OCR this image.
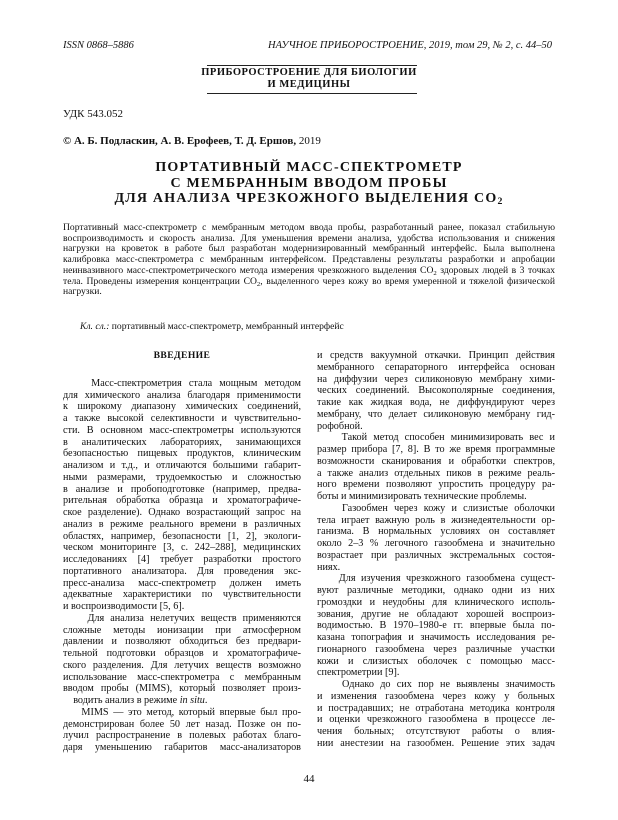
ISSN 0868–5886	НАУЧНОЕ ПРИБОРОСТРОЕНИЕ, 2019, том 29, № 2, с. 44–50
ПРИБОРОСТРОЕНИЕ ДЛЯ БИОЛОГИИ
И МЕДИЦИНЫ
УДК 543.052
© А. Б. Подласкин, А. В. Ерофеев, Т. Д. Ершов, 2019
ПОРТАТИВНЫЙ МАСС-СПЕКТРОМЕТР
С МЕМБРАННЫМ ВВОДОМ ПРОБЫ
ДЛЯ АНАЛИЗА ЧРЕЗКОЖНОГО ВЫДЕЛЕНИЯ $СО_2$
Портативный масс-спектрометр с мембранным методом ввода пробы, разработанный ранее, показал стабильную воспроизводимость и скорость анализа. Для уменьшения времени анализа, удобства использования и снижения нагрузки на кроветок в работе был разработан модернизированный мембранный интерфейс. Была выполнена калибровка масс-спектрометра с мембранным интерфейсом. Представлены результаты разработки и апробации неинвазивного масс-спектрометрического метода измерения чрезкожного выделения $СО_2$ здоровых людей в 3 точках тела. Проведены измерения концентрации $СО_2$, выделенного через кожу во время умеренной и тяжелой физической нагрузки.
Кл. сл.: портативный масс-спектрометр, мембранный интерфейс
ВВЕДЕНИЕ

Масс-спектрометрия стала мощным методом
для химического анализа благодаря применимости
к широкому диапазону химических соединений,
а также высокой селективности и чувствительно-
сти. В основном масс-спектрометры используются
в аналитических лабораториях, занимающихся
безопасностью пищевых продуктов, клиническим
анализом и т.д., и отличаются большими габарит-
ными размерами, трудоемкостью и сложностью
в анализе и пробоподготовке (например, предва-
рительная обработка образца и хроматографиче-
ское разделение). Однако возрастающий запрос на
анализ в режиме реального времени в различных
областях, например, безопасности [1, 2], экологи-
ческом мониторинге [3, с. 242–288], медицинских
исследованиях [4] требует разработки простого
портативного анализатора. Для проведения экс-
пресс-анализа масс-спектрометр должен иметь
адекватные характеристики по чувствительности
и воспроизводимости [5, 6].

Для анализа нелетучих веществ применяются
сложные методы ионизации при атмосферном
давлении и позволяют обходиться без предвари-
тельной подготовки образцов и хроматографиче-
ского разделения. Для летучих веществ возможно
использование масс-спектрометра с мембранным
вводом пробы (MIMS), который позволяет произ-
водить анализ в режиме in situ.

MIMS — это метод, который впервые был про-
демонстрирован более 50 лет назад. Позже он по-
лучил распространение в полевых работах благо-
даря уменьшению габаритов масс-анализаторов

и средств вакуумной откачки. Принцип действия
мембранного сепараторного интерфейса основан
на диффузии через силиконовую мембрану хими-
ческих соединений. Высокополярные соединения,
такие как жидкая вода, не диффундируют через
мембрану, что делает силиконовую мембрану гид-
рофобной.

Такой метод способен минимизировать вес и
размер прибора [7, 8]. В то же время программные
возможности сканирования и обработки спектров,
а также анализ отдельных пиков в режиме реаль-
ного времени позволяют упростить процедуру ра-
боты и минимизировать технические проблемы.

Газообмен через кожу и слизистые оболочки
тела играет важную роль в жизнедеятельности ор-
ганизма. В нормальных условиях он составляет
около 2–3 % легочного газообмена и значительно
возрастает при различных экстремальных состоя-
ниях.

Для изучения чрезкожного газообмена сущест-
вуют различные методики, однако одни из них
громоздки и неудобны для клинического исполь-
зования, другие не обладают хорошей воспроиз-
водимостью. В 1970–1980-е гг. впервые была по-
казана топография и значимость исследования ре-
гионарного газообмена через различные участки
кожи и слизистых оболочек с помощью масс-
спектрометрии [9].

Однако до сих пор не выявлены значимость
и изменения газообмена через кожу у больных
и пострадавших; не отработана методика контроля
и оценки чрезкожного газообмена в процессе ле-
чения больных; отсутствуют работы о влия-
нии анестезии на газообмен. Решение этих задач

44
